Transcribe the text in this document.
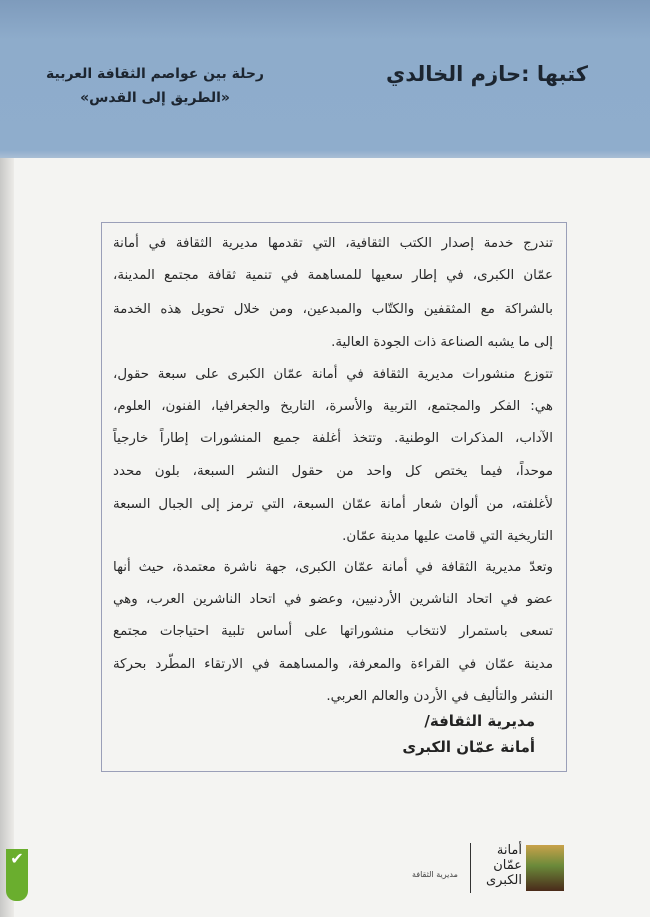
كتبها :حازم الخالدي
رحلة بين عواصم الثقافة العربية
«الطريق إلى القدس»
تندرج خدمة إصدار الكتب الثقافية، التي تقدمها مديرية الثقافة في أمانة
عمّان الكبرى، في إطار سعيها للمساهمة في تنمية ثقافة مجتمع المدينة،
بالشراكة مع المثقفين والكتّاب والمبدعين، ومن خلال تحويل هذه الخدمة
إلى ما يشبه الصناعة ذات الجودة العالية.
تتوزع منشورات مديرية الثقافة في أمانة عمّان الكبرى على سبعة حقول،
هي: الفكر والمجتمع، التربية والأسرة، التاريخ والجغرافيا، الفنون، العلوم،
الآداب، المذكرات الوطنية. وتتخذ أغلفة جميع المنشورات إطاراً خارجياً
موحداً، فيما يختص كل واحد من حقول النشر السبعة، بلون محدد
لأغلفته، من ألوان شعار أمانة عمّان السبعة، التي ترمز إلى الجبال السبعة
التاريخية التي قامت عليها مدينة عمّان.
وتعدّ مديرية الثقافة في أمانة عمّان الكبرى، جهة ناشرة معتمدة، حيث أنها
عضو في اتحاد الناشرين الأردنيين، وعضو في اتحاد الناشرين العرب، وهي
تسعى باستمرار لانتخاب منشوراتها على أساس تلبية احتياجات مجتمع
مدينة عمّان في القراءة والمعرفة، والمساهمة في الارتقاء المطّرد بحركة
النشر والتأليف في الأردن والعالم العربي.
مديرية الثقافة/
أمانة عمّان الكبرى
أمانة
عمّان
الكبرى
مديرية الثقافة
✔
